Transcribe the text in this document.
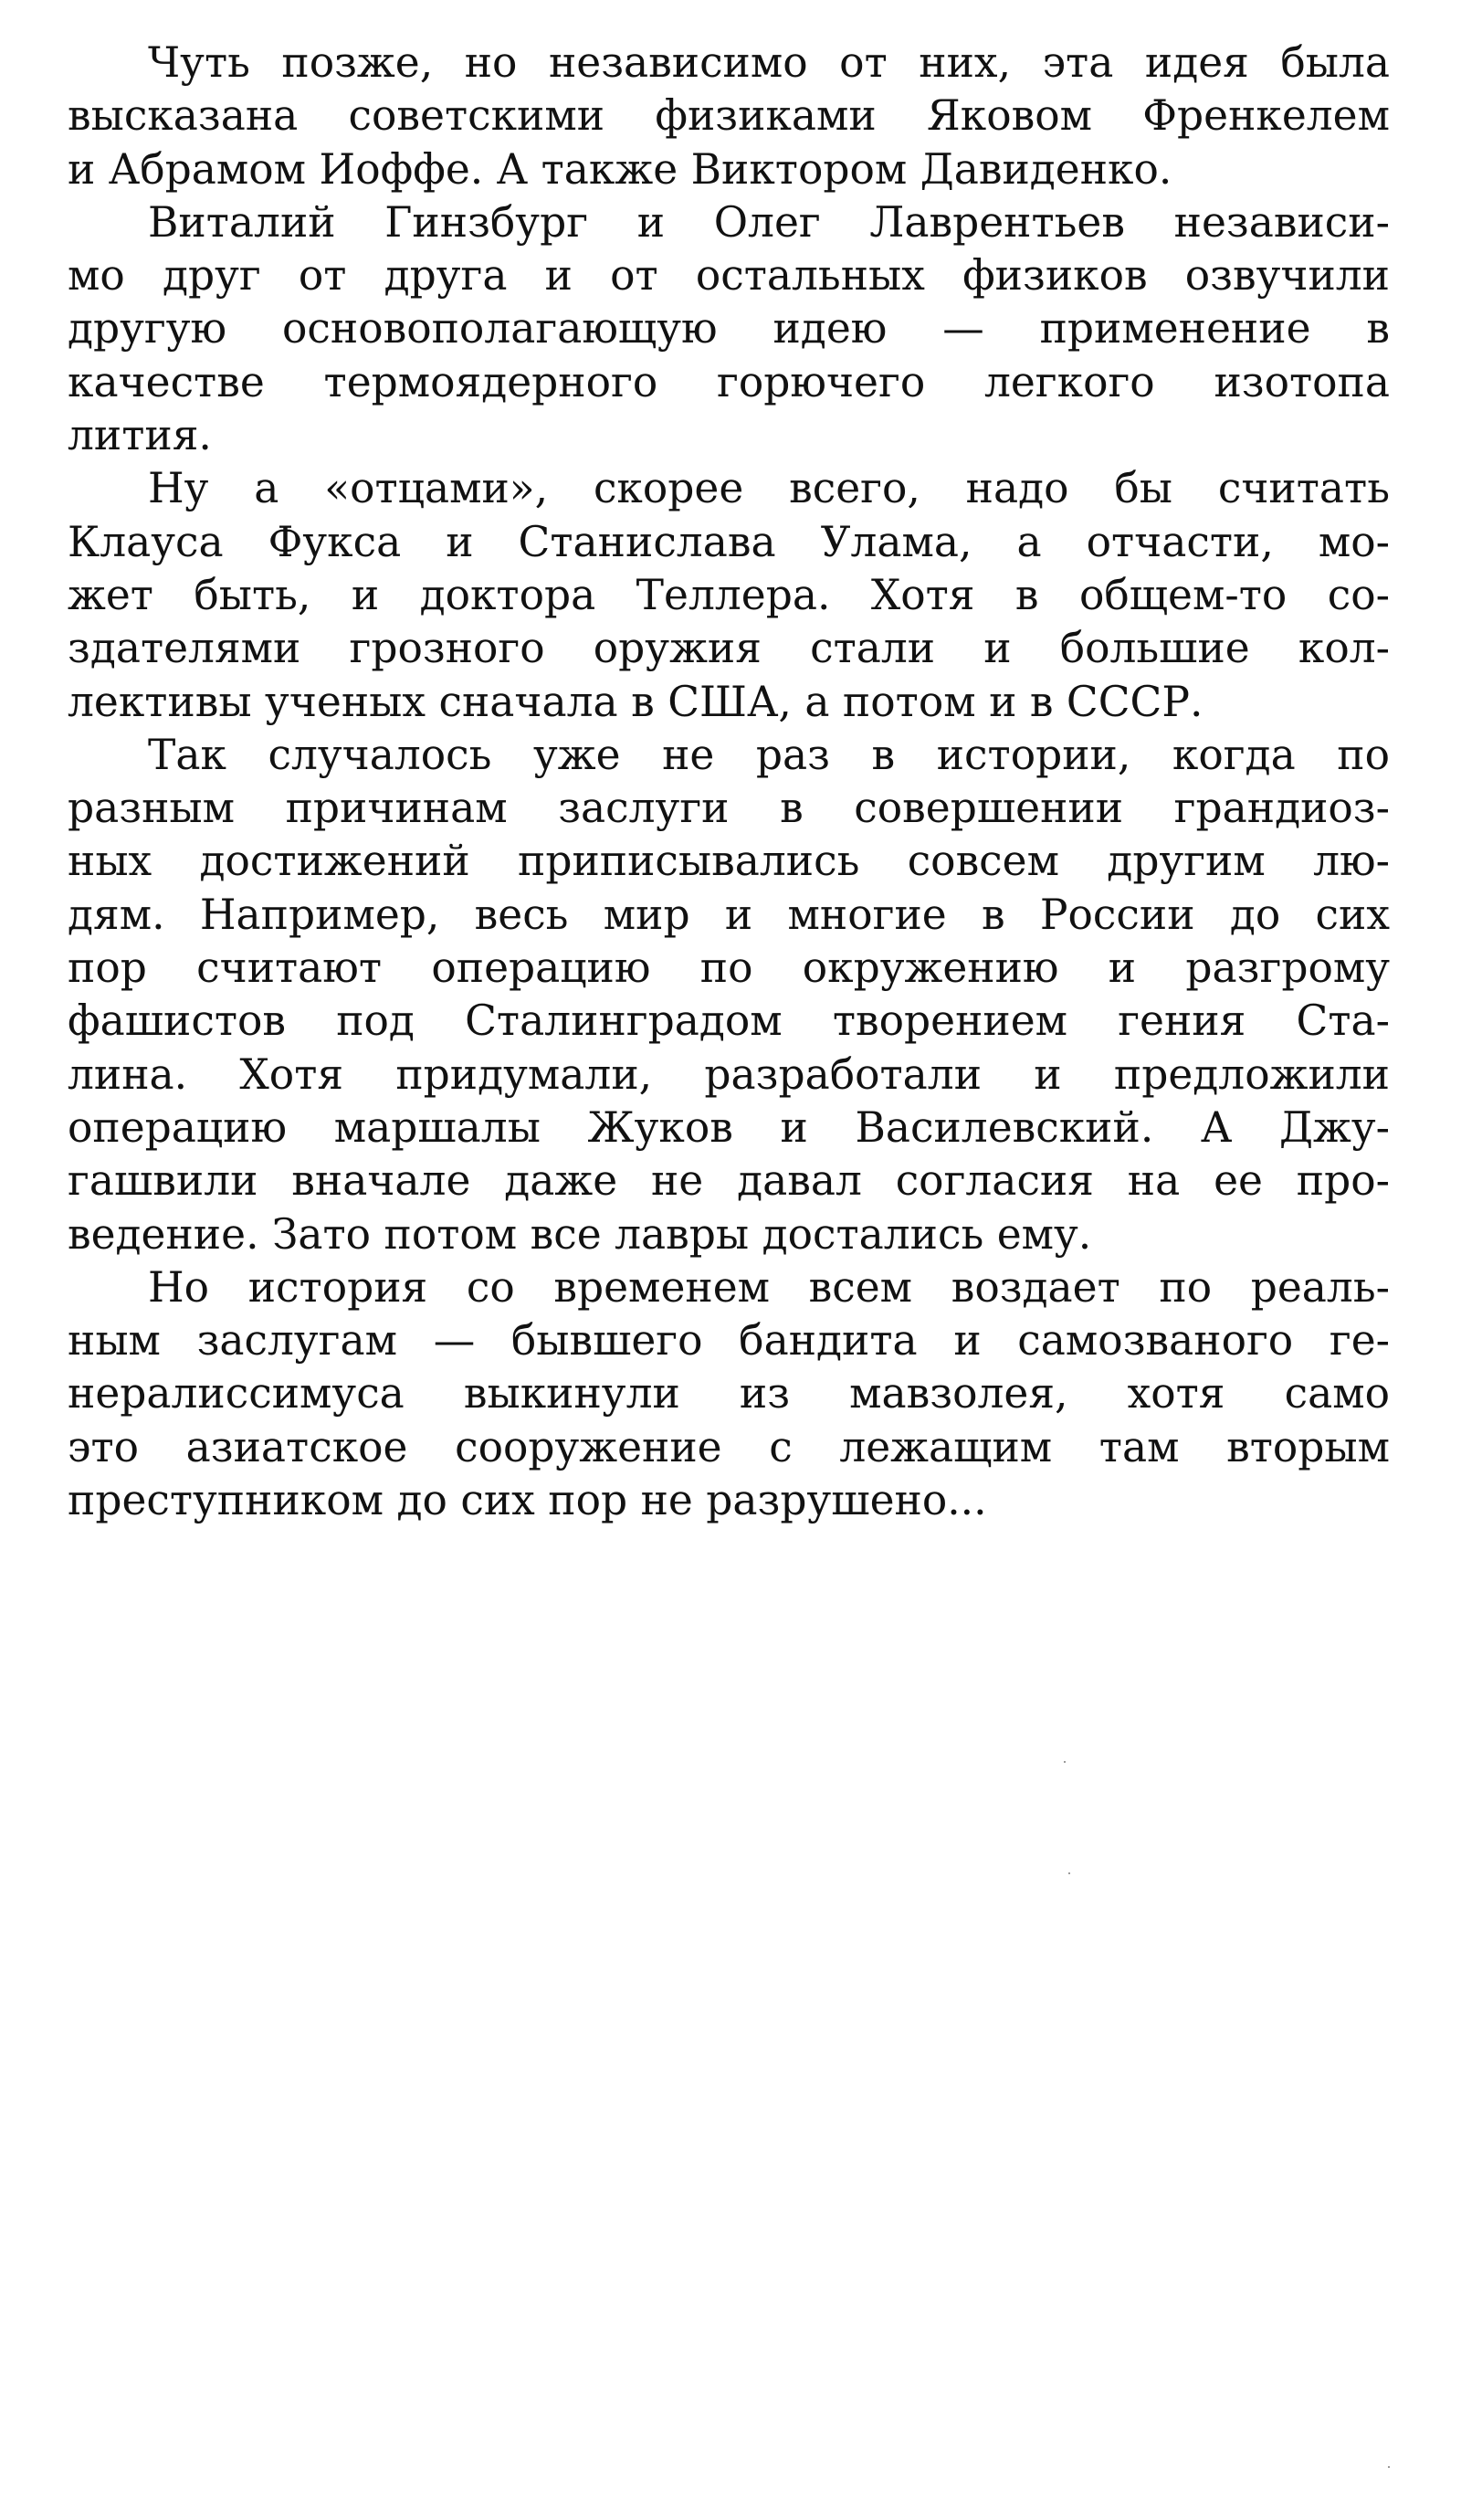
Чуть позже, но независимо от них, эта идея была
высказана советскими физиками Яковом Френкелем
и Абрамом Иоффе. А также Виктором Давиденко.

Виталий Гинзбург и Олег Лаврентьев независи-
мо друг от друга и от остальных физиков озвучили
другую основополагающую идею — применение в
качестве термоядерного горючего легкого изотопа
лития.

Ну а «отцами», скорее всего, надо бы считать
Клауса Фукса и Станислава Улама, а отчасти, мо-
жет быть, и доктора Теллера. Хотя в общем-то со-
здателями грозного оружия стали и большие кол-
лективы ученых сначала в США, а потом и в СССР.

Так случалось уже не раз в истории, когда по
разным причинам заслуги в совершении грандиоз-
ных достижений приписывались совсем другим лю-
дям. Например, весь мир и многие в России до сих
пор считают операцию по окружению и разгрому
фашистов под Сталинградом творением гения Ста-
лина. Хотя придумали, разработали и предложили
операцию маршалы Жуков и Василевский. А Джу-
гашвили вначале даже не давал согласия на ее про-
ведение. Зато потом все лавры достались ему.

Но история со временем всем воздает по реаль-
ным заслугам — бывшего бандита и самозваного ге-
нералиссимуса выкинули из мавзолея, хотя само
это азиатское сооружение с лежащим там вторым
преступником до сих пор не разрушено...
